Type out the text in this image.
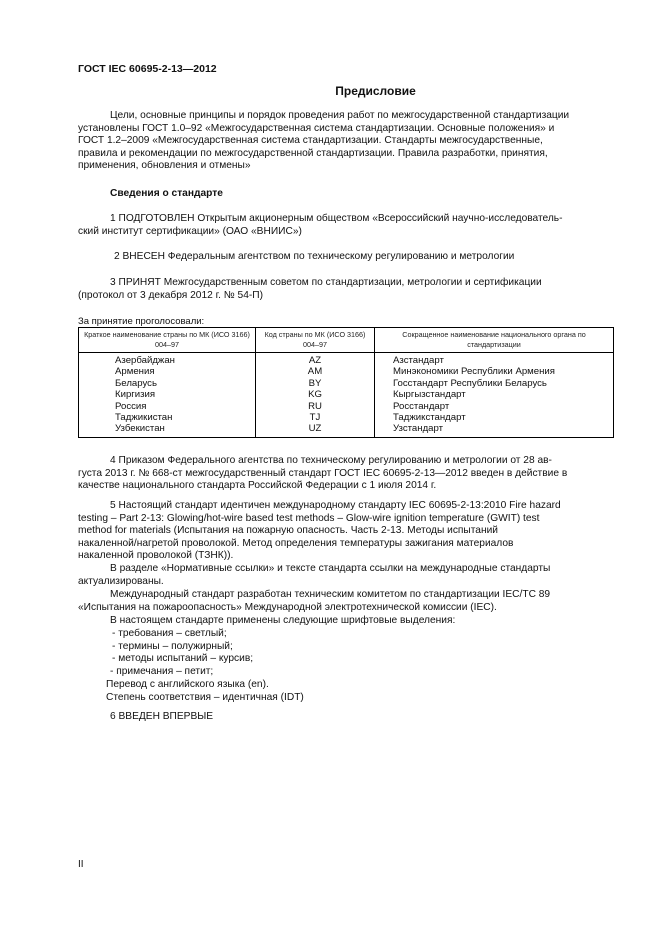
ГОСТ IEC 60695-2-13—2012
Предисловие
Цели, основные принципы и порядок проведения работ по межгосударственной стандартизации
установлены ГОСТ 1.0–92 «Межгосударственная система стандартизации. Основные положения» и
ГОСТ 1.2–2009 «Межгосударственная система стандартизации. Стандарты межгосударственные,
правила и рекомендации по межгосударственной стандартизации. Правила разработки, принятия,
применения, обновления и отмены»
Сведения о стандарте
1 ПОДГОТОВЛЕН Открытым акционерным обществом «Всероссийский научно-исследователь-
ский институт сертификации» (ОАО «ВНИИС»)
2 ВНЕСЕН Федеральным агентством по техническому регулированию и метрологии
3 ПРИНЯТ Межгосударственным советом по стандартизации, метрологии и сертификации
(протокол от 3 декабря 2012 г. № 54-П)
За принятие проголосовали:
Краткое наименование страны по МК (ИСО 3166) 004–97	Код страны по МК (ИСО 3166) 004–97	Сокращенное наименование национального органа по стандартизации
Азербайджан	AZ	Азстандарт
Армения	AM	Минэкономики Республики Армения
Беларусь	BY	Госстандарт Республики Беларусь
Киргизия	KG	Кыргызстандарт
Россия	RU	Росстандарт
Таджикистан	TJ	Таджикстандарт
Узбекистан	UZ	Узстандарт
4 Приказом Федерального агентства по техническому регулированию и метрологии от 28 ав-
густа 2013 г. № 668-ст межгосударственный стандарт ГОСТ IEC 60695-2-13—2012 введен в действие в
качестве национального стандарта Российской Федерации с 1 июля 2014 г.
5 Настоящий стандарт идентичен международному стандарту IEC 60695-2-13:2010 Fire hazard
testing – Part 2-13: Glowing/hot-wire based test methods – Glow-wire ignition temperature (GWIT) test
method for materials (Испытания на пожарную опасность. Часть 2-13. Методы испытаний
накаленной/нагретой проволокой. Метод определения температуры зажигания материалов
накаленной проволокой (ТЗНК)).
В разделе «Нормативные ссылки» и тексте стандарта ссылки на международные стандарты
актуализированы.
Международный стандарт разработан техническим комитетом по стандартизации IEC/TC 89
«Испытания на пожароопасность» Международной электротехнической комиссии (IEC).
В настоящем стандарте применены следующие шрифтовые выделения:
- требования – светлый;
- термины – полужирный;
- методы испытаний – курсив;
- примечания – петит;
Перевод с английского языка (en).
Степень соответствия – идентичная (IDT)
6 ВВЕДЕН ВПЕРВЫЕ
II
